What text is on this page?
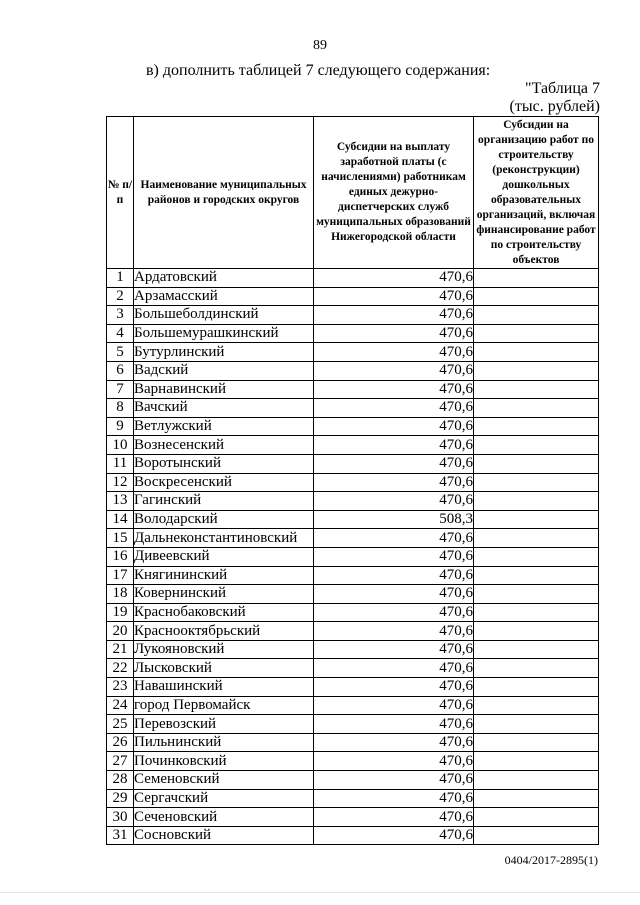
89
в) дополнить таблицей 7 следующего содержания:
"Таблица 7
(тыс. рублей)
№ п/п	Наименование муниципальных районов и городских округов	Субсидии на выплату заработной платы (с начислениями) работникам единых дежурно-диспетчерских служб муниципальных образований Нижегородской области	Субсидии на организацию работ по строительству (реконструкции) дошкольных образовательных организаций, включая финансирование работ по строительству объектов
1	Ардатовский	470,6	
2	Арзамасский	470,6	
3	Большеболдинский	470,6	
4	Большемурашкинский	470,6	
5	Бутурлинский	470,6	
6	Вадский	470,6	
7	Варнавинский	470,6	
8	Вачский	470,6	
9	Ветлужский	470,6	
10	Вознесенский	470,6	
11	Воротынский	470,6	
12	Воскресенский	470,6	
13	Гагинский	470,6	
14	Володарский	508,3	
15	Дальнеконстантиновский	470,6	
16	Дивеевский	470,6	
17	Княгининский	470,6	
18	Ковернинский	470,6	
19	Краснобаковский	470,6	
20	Краснооктябрьский	470,6	
21	Лукояновский	470,6	
22	Лысковский	470,6	
23	Навашинский	470,6	
24	город Первомайск	470,6	
25	Перевозский	470,6	
26	Пильнинский	470,6	
27	Починковский	470,6	
28	Семеновский	470,6	
29	Сергачский	470,6	
30	Сеченовский	470,6	
31	Сосновский	470,6	
0404/2017-2895(1)
